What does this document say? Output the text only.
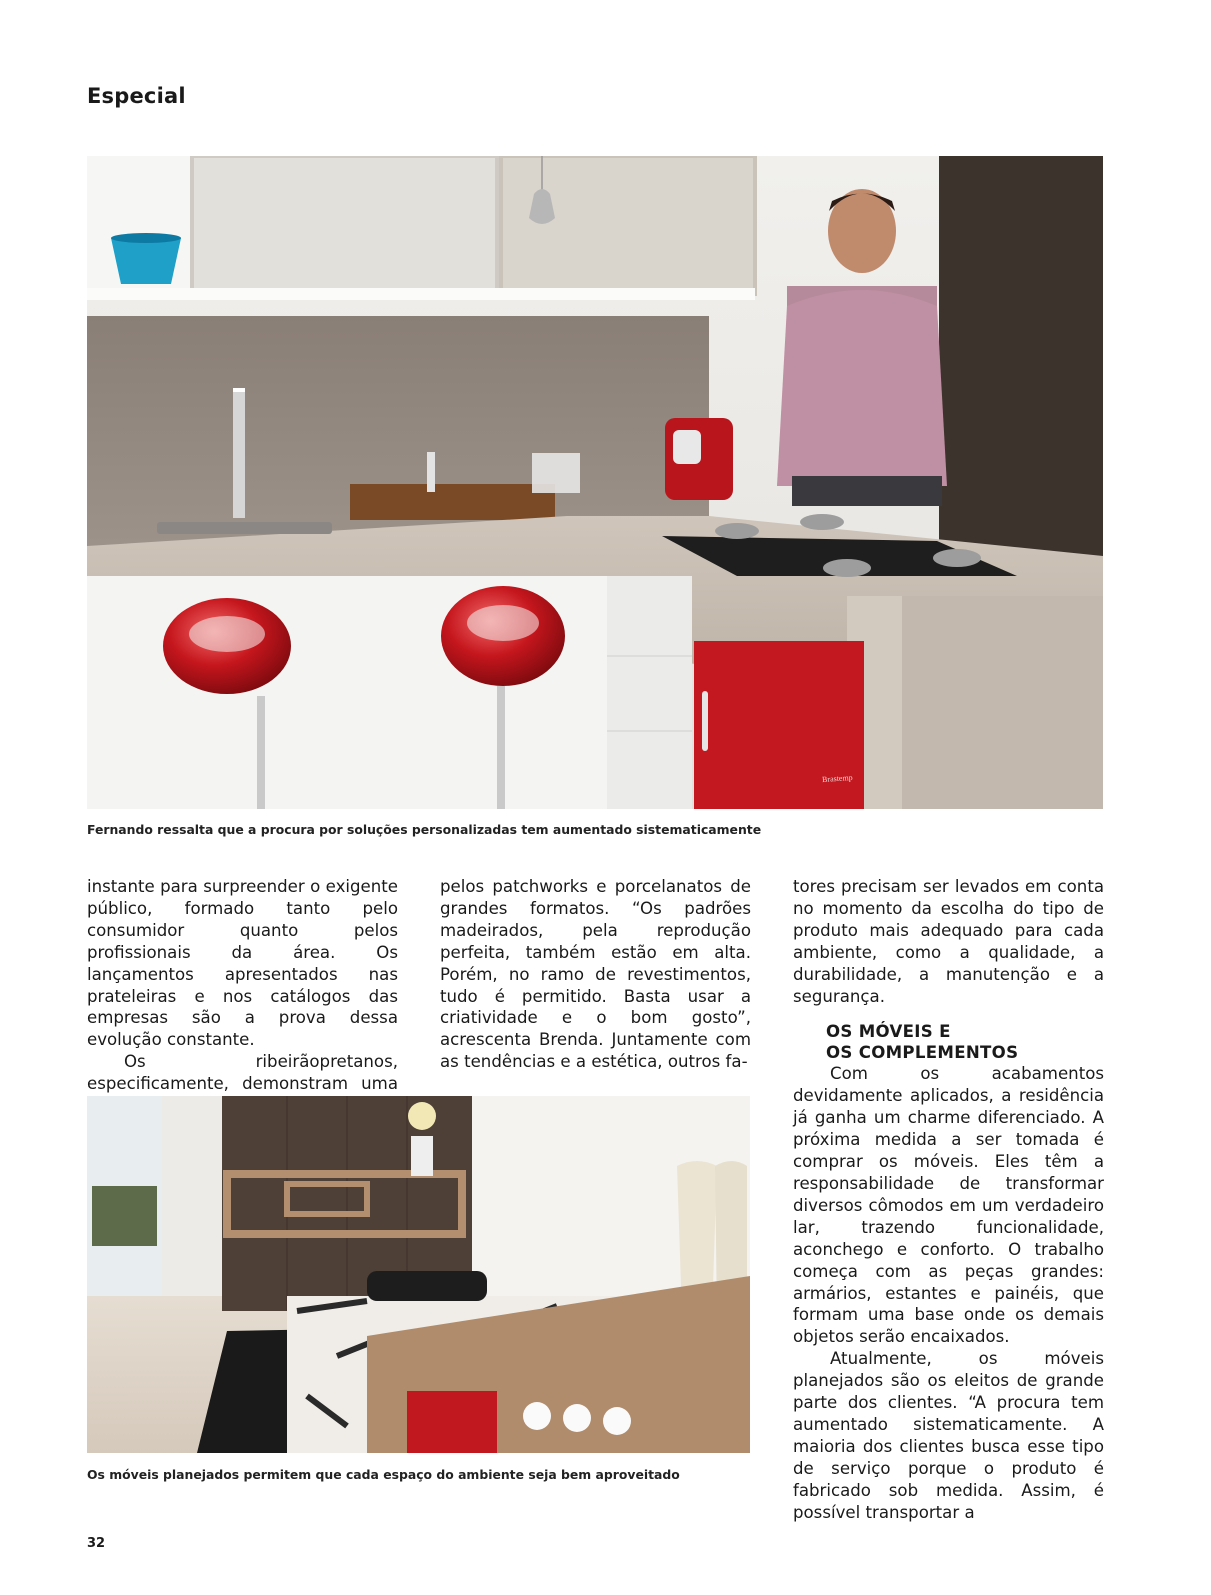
Especial
Brastemp
Fernando ressalta que a procura por soluções personalizadas tem aumentado sistematicamente

instante para surpreender o exigente público, formado tanto pelo consumidor quanto pelos profissionais da área. Os lançamentos apresentados nas prateleiras e nos catálogos das empresas são a prova dessa evolução constante.

Os ribeirãopretanos, especificamente, demonstram uma

pelos patchworks e porcelanatos de grandes formatos. “Os padrões madeirados, pela reprodução perfeita, também estão em alta. Porém, no ramo de revestimentos, tudo é permitido. Basta usar a criatividade e o bom gosto”, acrescenta Brenda. Juntamente com as tendências e a estética, outros fa-

tores precisam ser levados em conta no momento da escolha do tipo de produto mais adequado para cada ambiente, como a qualidade, a durabilidade, a manutenção e a segurança.

OS MÓVEIS E
OS COMPLEMENTOS

Com os acabamentos devidamente aplicados, a residência já ganha um charme diferenciado. A próxima medida a ser tomada é comprar os móveis. Eles têm a responsabilidade de transformar diversos cômodos em um verdadeiro lar, trazendo funcionalidade, aconchego e conforto. O trabalho começa com as peças grandes: armários, estantes e painéis, que formam uma base onde os demais objetos serão encaixados.

Atualmente, os móveis planejados são os eleitos de grande parte dos clientes. “A procura tem aumentado sistematicamente. A maioria dos clientes busca esse tipo de serviço porque o produto é fabricado sob medida. Assim, é possível transportar a

Os móveis planejados permitem que cada espaço do ambiente seja bem aproveitado
32
